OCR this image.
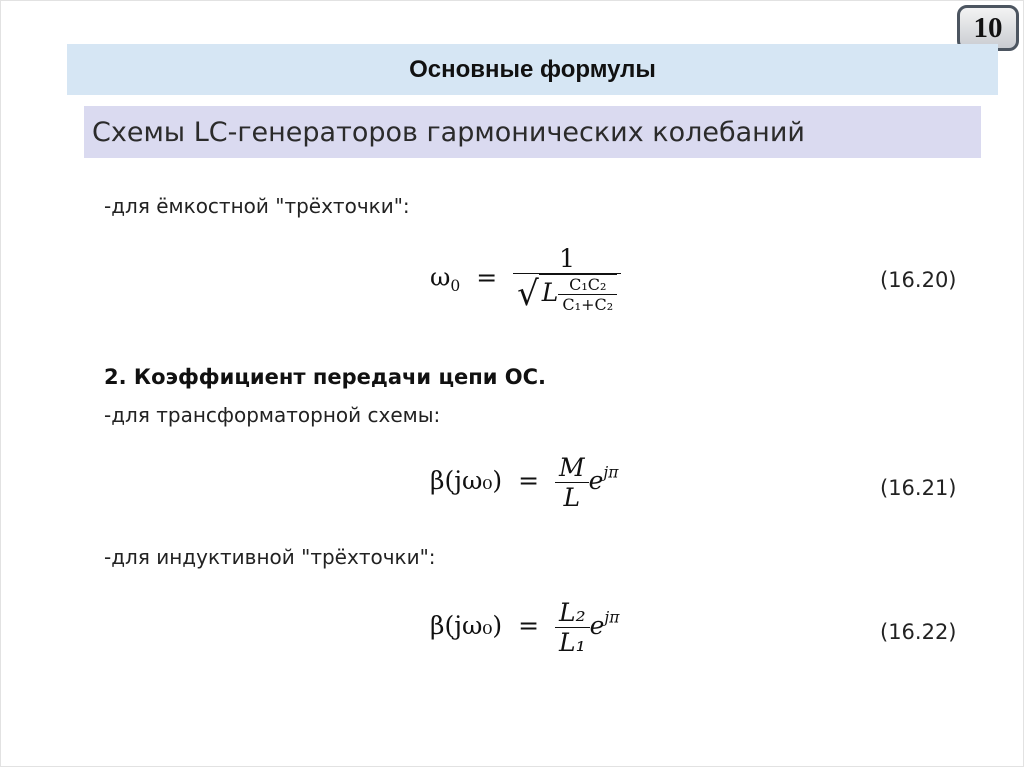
10
Основные формулы
Схемы LC-генераторов гармонических колебаний
-для ёмкостной "трёхточки":
$\omega_0 = \frac{1}{√ L \frac{\text{C₁C₂}}{\text{C₁+C₂}}}$	(16.20)
2. Коэффициент передачи цепи ОС.
-для трансформаторной схемы:
$\beta(j\omega_0) = \frac{M}{L} e^{j\pi}$
(16.21)
-для индуктивной "трёхточки":
$\beta(j\omega_0) = \frac{\text{L₂}}{\text{L₁}} e^{j\pi}$
(16.22)
